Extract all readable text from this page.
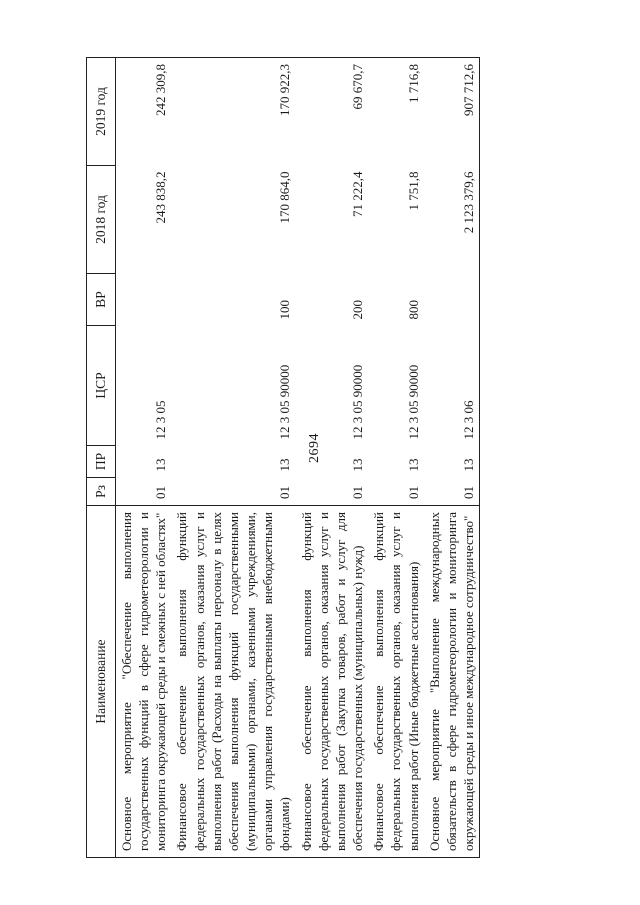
2694
Наименование	Рз	ПР	ЦСР	ВР	2018 год	2019 год
Основное мероприятие "Обеспечение выполнения государственных функций в сфере гидрометеорологии и мониторинга окружающей среды и смежных с ней областях"	01	13	12 3 05		243 838,2	242 309,8
Финансовое обеспечение выполнения функций федеральных государственных органов, оказания услуг и выполнения работ (Расходы на выплаты персоналу в целях обеспечения выполнения функций государственными (муниципальными) органами, казенными учреждениями, органами управления государственными внебюджетными фондами)	01	13	12 3 05 90000	100	170 864,0	170 922,3
Финансовое обеспечение выполнения функций федеральных государственных органов, оказания услуг и выполнения работ (Закупка товаров, работ и услуг для обеспечения государственных (муниципальных) нужд)	01	13	12 3 05 90000	200	71 222,4	69 670,7
Финансовое обеспечение выполнения функций федеральных государственных органов, оказания услуг и выполнения работ (Иные бюджетные ассигнования)	01	13	12 3 05 90000	800	1 751,8	1 716,8
Основное мероприятие "Выполнение международных обязательств в сфере гидрометеорологии и мониторинга окружающей среды и иное международное сотрудничество"	01	13	12 3 06		2 123 379,6	907 712,6
